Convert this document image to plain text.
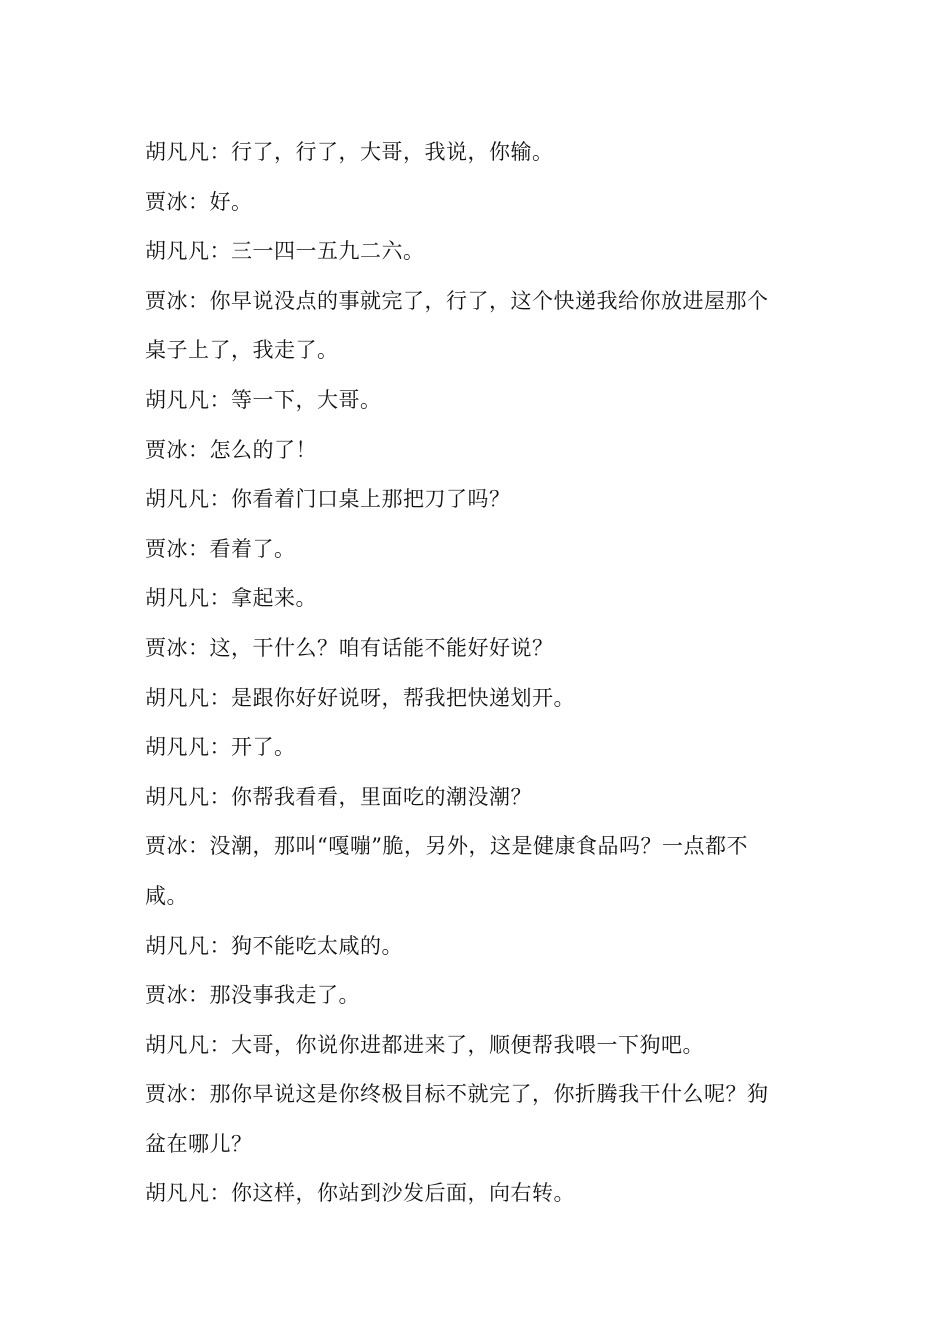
胡凡凡：行了，行了，大哥，我说，你输。
贾冰：好。
胡凡凡：三一四一五九二六。
贾冰：你早说没点的事就完了，行了，这个快递我给你放进屋那个
桌子上了，我走了。
胡凡凡：等一下，大哥。
贾冰：怎么的了！
胡凡凡：你看着门口桌上那把刀了吗？
贾冰：看着了。
胡凡凡：拿起来。
贾冰：这，干什么？咱有话能不能好好说？
胡凡凡：是跟你好好说呀，帮我把快递划开。
胡凡凡：开了。
胡凡凡：你帮我看看，里面吃的潮没潮？
贾冰：没潮，那叫“嘎嘣”脆，另外，这是健康食品吗？一点都不
咸。
胡凡凡：狗不能吃太咸的。
贾冰：那没事我走了。
胡凡凡：大哥，你说你进都进来了，顺便帮我喂一下狗吧。
贾冰：那你早说这是你终极目标不就完了，你折腾我干什么呢？狗
盆在哪儿？
胡凡凡：你这样，你站到沙发后面，向右转。
